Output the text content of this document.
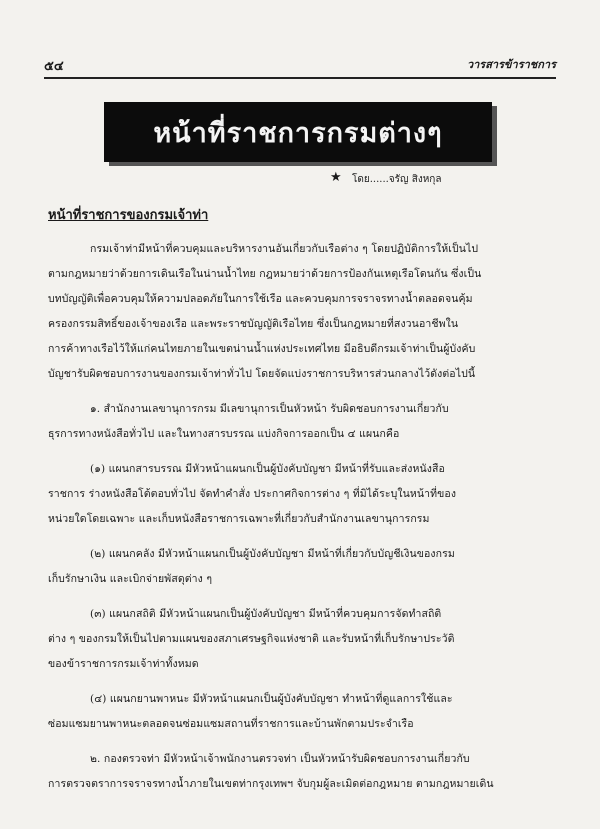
๕๔	วารสารข้าราชการ
หน้าที่ราชการกรมต่างๆ
★ โดย......จรัญ สิงหกุล
หน้าที่ราชการของกรมเจ้าท่า
กรมเจ้าท่ามีหน้าที่ควบคุมและบริหารงานอันเกี่ยวกับเรือต่าง ๆ โดยปฏิบัติการให้เป็นไป
ตามกฎหมายว่าด้วยการเดินเรือในน่านน้ำไทย กฎหมายว่าด้วยการป้องกันเหตุเรือโดนกัน ซึ่งเป็น
บทบัญญัติเพื่อควบคุมให้ความปลอดภัยในการใช้เรือ และควบคุมการจราจรทางน้ำตลอดจนคุ้ม
ครองกรรมสิทธิ์ของเจ้าของเรือ และพระราชบัญญัติเรือไทย ซึ่งเป็นกฎหมายที่สงวนอาชีพใน
การค้าทางเรือไว้ให้แก่คนไทยภายในเขตน่านน้ำแห่งประเทศไทย มีอธิบดีกรมเจ้าท่าเป็นผู้บังคับ
บัญชารับผิดชอบการงานของกรมเจ้าท่าทั่วไป โดยจัดแบ่งราชการบริหารส่วนกลางไว้ดังต่อไปนี้
๑. สำนักงานเลขานุการกรม มีเลขานุการเป็นหัวหน้า รับผิดชอบการงานเกี่ยวกับ
ธุรการทางหนังสือทั่วไป และในทางสารบรรณ แบ่งกิจการออกเป็น ๔ แผนกคือ
(๑) แผนกสารบรรณ มีหัวหน้าแผนกเป็นผู้บังคับบัญชา มีหน้าที่รับและส่งหนังสือ
ราชการ ร่างหนังสือโต้ตอบทั่วไป จัดทำคำสั่ง ประกาศกิจการต่าง ๆ ที่มิได้ระบุในหน้าที่ของ
หน่วยใดโดยเฉพาะ และเก็บหนังสือราชการเฉพาะที่เกี่ยวกับสำนักงานเลขานุการกรม
(๒) แผนกคลัง มีหัวหน้าแผนกเป็นผู้บังคับบัญชา มีหน้าที่เกี่ยวกับบัญชีเงินของกรม
เก็บรักษาเงิน และเบิกจ่ายพัสดุต่าง ๆ
(๓) แผนกสถิติ มีหัวหน้าแผนกเป็นผู้บังคับบัญชา มีหน้าที่ควบคุมการจัดทำสถิติ
ต่าง ๆ ของกรมให้เป็นไปตามแผนของสภาเศรษฐกิจแห่งชาติ และรับหน้าที่เก็บรักษาประวัติ
ของข้าราชการกรมเจ้าท่าทั้งหมด
(๔) แผนกยานพาหนะ มีหัวหน้าแผนกเป็นผู้บังคับบัญชา ทำหน้าที่ดูแลการใช้และ
ซ่อมแซมยานพาหนะตลอดจนซ่อมแซมสถานที่ราชการและบ้านพักตามประจำเรือ
๒. กองตรวจท่า มีหัวหน้าเจ้าพนักงานตรวจท่า เป็นหัวหน้ารับผิดชอบการงานเกี่ยวกับ
การตรวจตราการจราจรทางน้ำภายในเขตท่ากรุงเทพฯ จับกุมผู้ละเมิดต่อกฎหมาย ตามกฎหมายเดิน
